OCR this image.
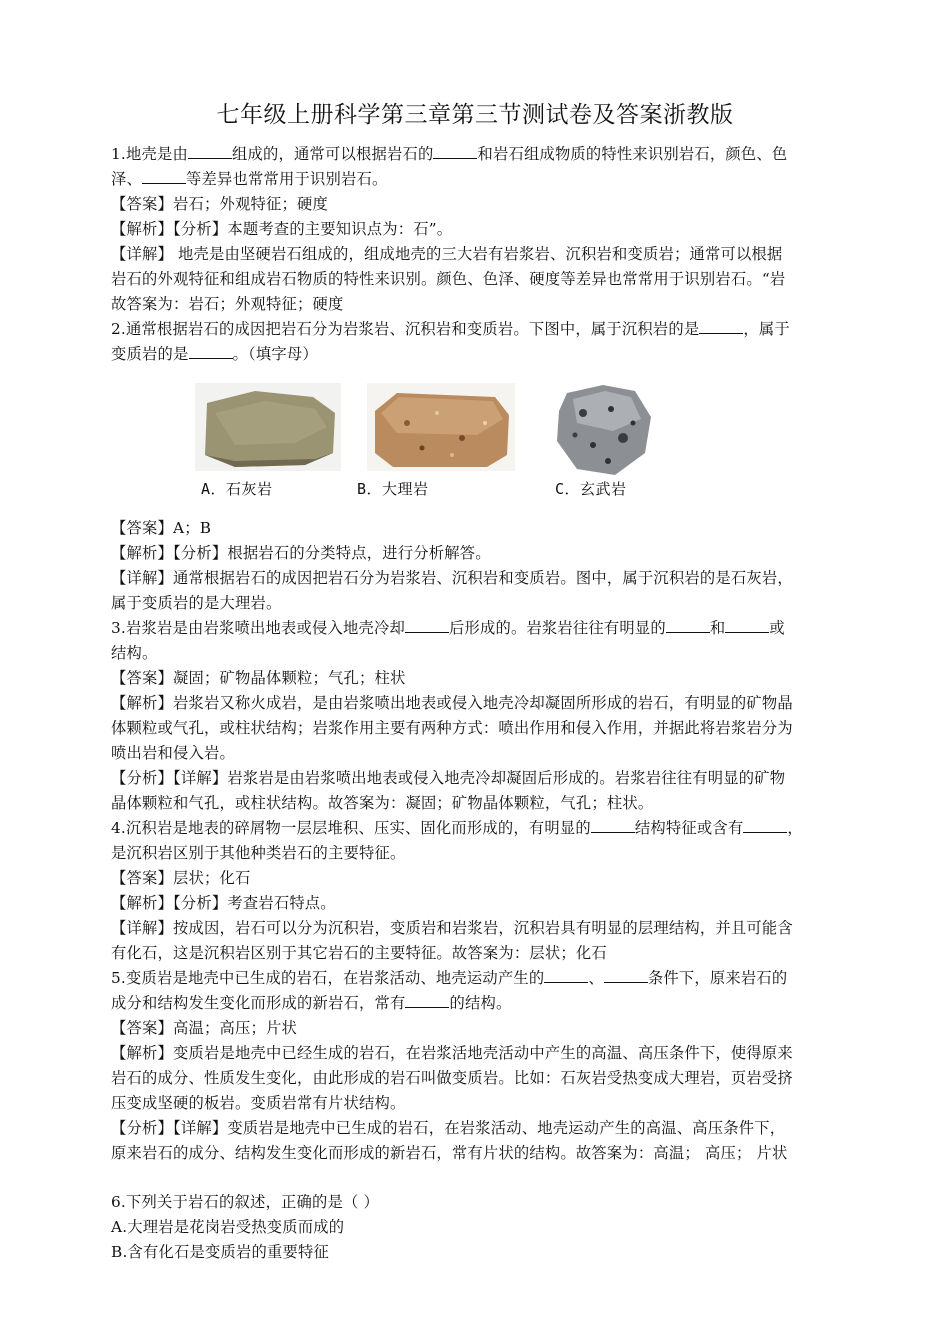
七年级上册科学第三章第三节测试卷及答案浙教版
1.地壳是由	组成的，通常可以根据岩石的	和岩石组成物质的特性来识别岩石，颜色、色
泽、	等差异也常常用于识别岩石。
【答案】岩石；外观特征；硬度
【解析】【分析】本题考查的主要知识点为：石”。
【详解】 地壳是由坚硬岩石组成的，组成地壳的三大岩有岩浆岩、沉积岩和变质岩；通常可以根据
岩石的外观特征和组成岩石物质的特性来识别。颜色、色泽、硬度等差异也常常用于识别岩石。“岩
故答案为：岩石；外观特征；硬度
2.通常根据岩石的成因把岩石分为岩浆岩、沉积岩和变质岩。下图中，属于沉积岩的是	，属于
变质岩的是	。（填字母）
A．石灰岩	B．大理岩	C．玄武岩
【答案】A；B
【解析】【分析】根据岩石的分类特点，进行分析解答。
【详解】通常根据岩石的成因把岩石分为岩浆岩、沉积岩和变质岩。图中，属于沉积岩的是石灰岩，
属于变质岩的是大理岩。
3.岩浆岩是由岩浆喷出地表或侵入地壳冷却	后形成的。岩浆岩往往有明显的	和	或
结构。
【答案】凝固；矿物晶体颗粒；气孔；柱状
【解析】岩浆岩又称火成岩，是由岩浆喷出地表或侵入地壳冷却凝固所形成的岩石，有明显的矿物晶
体颗粒或气孔，或柱状结构；岩浆作用主要有两种方式：喷出作用和侵入作用，并据此将岩浆岩分为
喷出岩和侵入岩。
【分析】【详解】岩浆岩是由岩浆喷出地表或侵入地壳冷却凝固后形成的。岩浆岩往往有明显的矿物
晶体颗粒和气孔，或柱状结构。故答案为：凝固；矿物晶体颗粒，气孔；柱状。
4.沉积岩是地表的碎屑物一层层堆积、压实、固化而形成的，有明显的	结构特征或含有	，
是沉积岩区别于其他种类岩石的主要特征。
【答案】层状；化石
【解析】【分析】考查岩石特点。
【详解】按成因，岩石可以分为沉积岩，变质岩和岩浆岩，沉积岩具有明显的层理结构，并且可能含
有化石，这是沉积岩区别于其它岩石的主要特征。故答案为：层状；化石
5.变质岩是地壳中已生成的岩石，在岩浆活动、地壳运动产生的	、	条件下，原来岩石的
成分和结构发生变化而形成的新岩石，常有	的结构。
【答案】高温；高压；片状
【解析】变质岩是地壳中已经生成的岩石，在岩浆活地壳活动中产生的高温、高压条件下，使得原来
岩石的成分、性质发生变化，由此形成的岩石叫做变质岩。比如：石灰岩受热变成大理岩，页岩受挤
压变成坚硬的板岩。变质岩常有片状结构。
【分析】【详解】变质岩是地壳中已生成的岩石，在岩浆活动、地壳运动产生的高温、高压条件下，
原来岩石的成分、结构发生变化而形成的新岩石，常有片状的结构。故答案为：高温； 高压； 片状
6.下列关于岩石的叙述，正确的是（ ）
A.大理岩是花岗岩受热变质而成的
B.含有化石是变质岩的重要特征
